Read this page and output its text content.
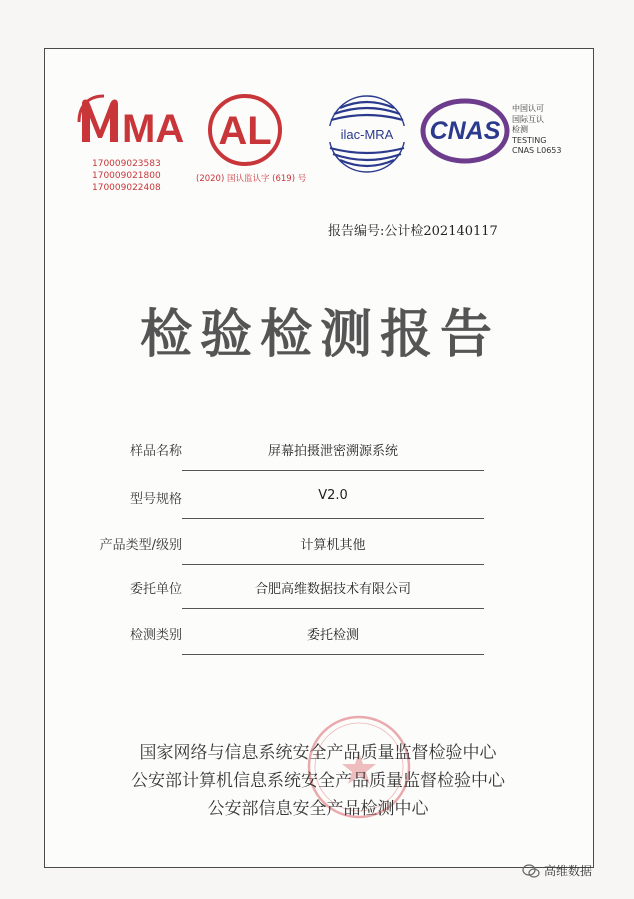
MA
170009023583
170009021800
170009022408
AL
(2020) 国认监认字 (619) 号
ilac-MRA CNAS
中国认可
国际互认
检测
TESTING
CNAS L0653
报告编号:公计检202140117
检验检测报告
样品名称	屏幕拍摄泄密溯源系统
型号规格	V2.0
产品类型/级别	计算机其他
委托单位	合肥高维数据技术有限公司
检测类别	委托检测
国家网络与信息系统安全产品质量监督检验中心
公安部计算机信息系统安全产品质量监督检验中心
公安部信息安全产品检测中心
高维数据
